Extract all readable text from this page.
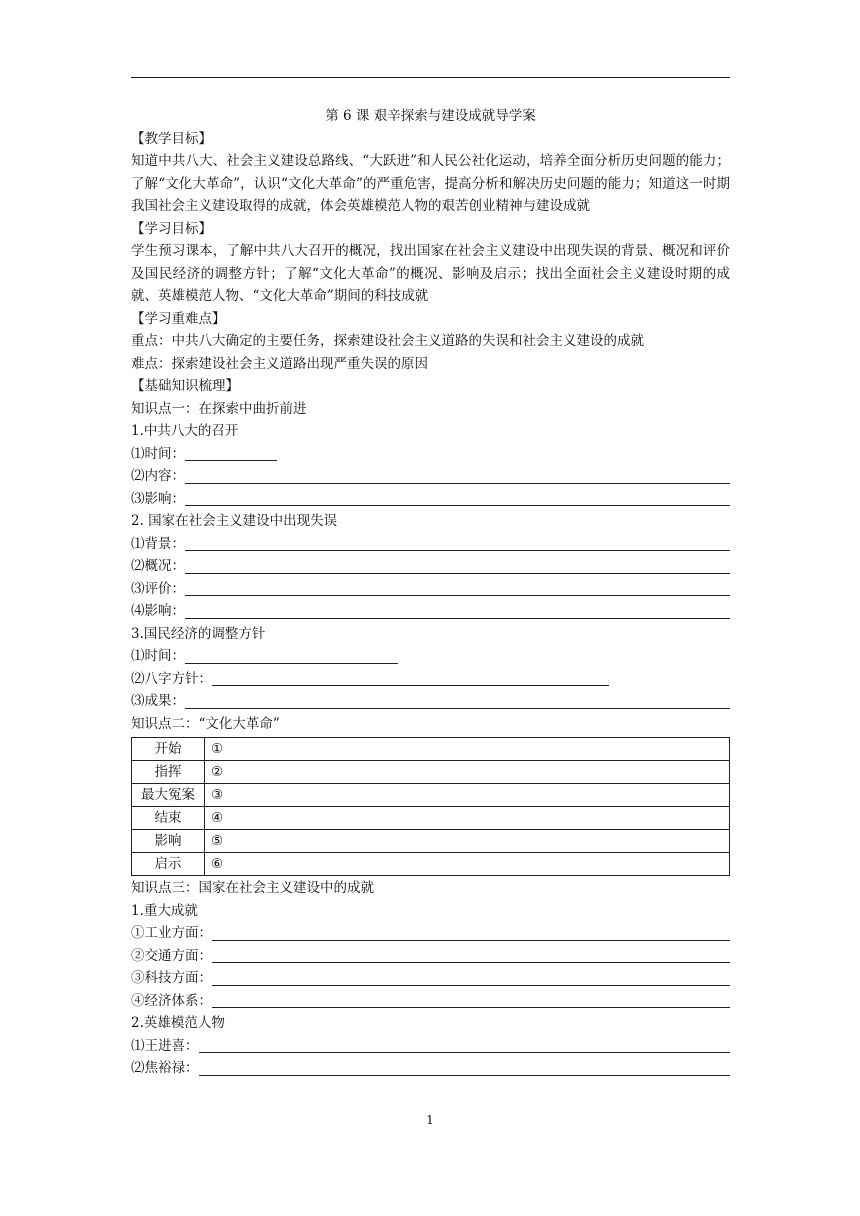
第 6 课 艰辛探索与建设成就导学案
【教学目标】
知道中共八大、社会主义建设总路线、“大跃进”和人民公社化运动，培养全面分析历史问题的能力；了解“文化大革命”，认识“文化大革命”的严重危害，提高分析和解决历史问题的能力；知道这一时期我国社会主义建设取得的成就，体会英雄模范人物的艰苦创业精神与建设成就
【学习目标】
学生预习课本，了解中共八大召开的概况，找出国家在社会主义建设中出现失误的背景、概况和评价及国民经济的调整方针；了解“文化大革命”的概况、影响及启示；找出全面社会主义建设时期的成就、英雄模范人物、“文化大革命”期间的科技成就
【学习重难点】
重点：中共八大确定的主要任务，探索建设社会主义道路的失误和社会主义建设的成就
难点：探索建设社会主义道路出现严重失误的原因
【基础知识梳理】
知识点一：在探索中曲折前进
1.中共八大的召开
⑴时间：
⑵内容：
⑶影响：
2. 国家在社会主义建设中出现失误
⑴背景：
⑵概况：
⑶评价：
⑷影响：
3.国民经济的调整方针
⑴时间：
⑵八字方针：
⑶成果：
知识点二：“文化大革命”
开始	①
指挥	②
最大冤案	③
结束	④
影响	⑤
启示	⑥
知识点三：国家在社会主义建设中的成就
1.重大成就
①工业方面：
②交通方面：
③科技方面：
④经济体系：
2.英雄模范人物
⑴王进喜：
⑵焦裕禄：
1
